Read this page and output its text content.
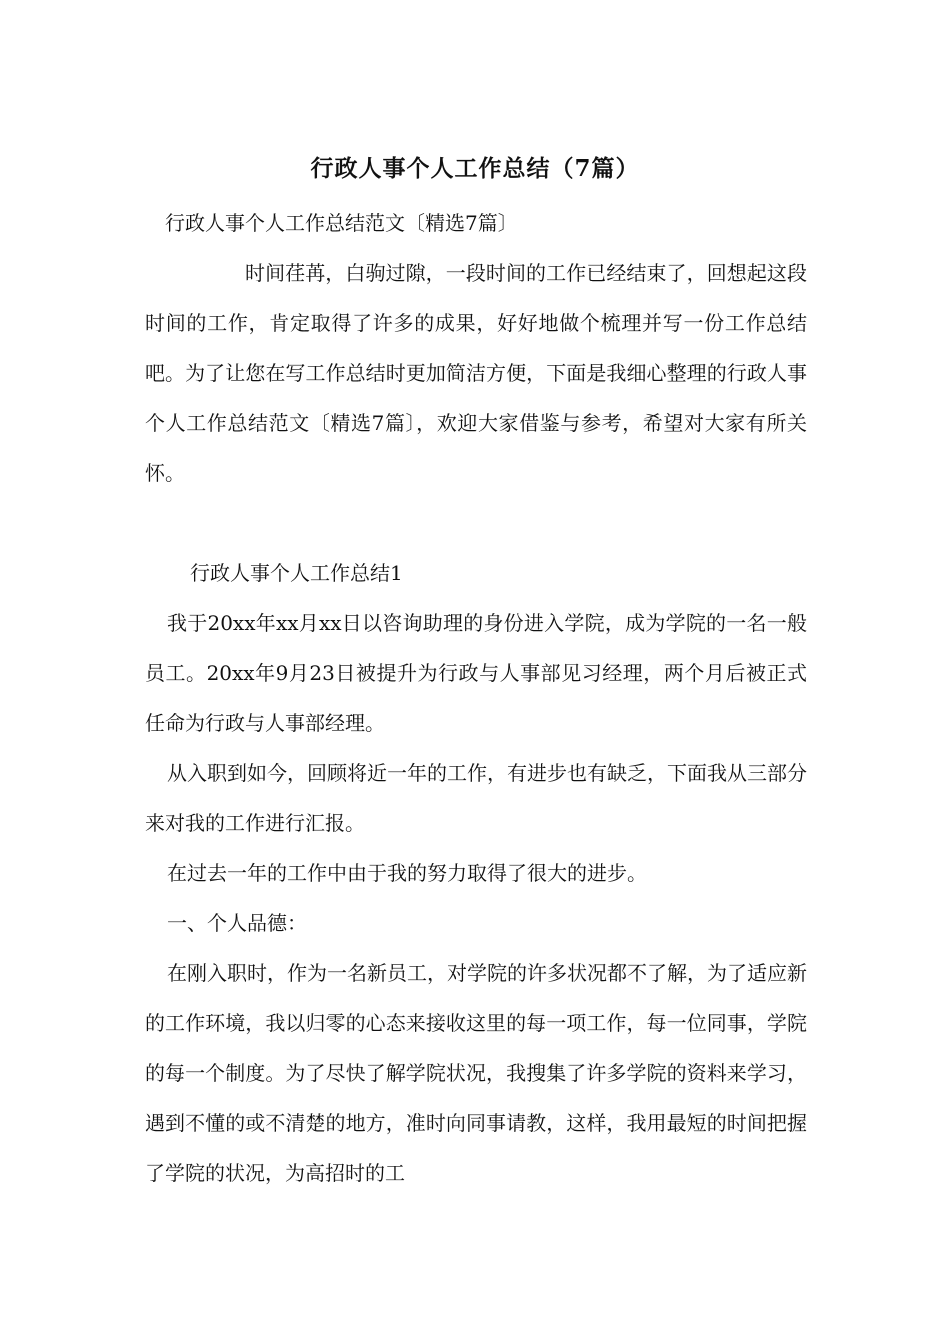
行政人事个人工作总结（7篇）

行政人事个人工作总结范文〔精选7篇〕

时间荏苒，白驹过隙，一段时间的工作已经结束了，回想起这段时间的工作，肯定取得了许多的成果，好好地做个梳理并写一份工作总结吧。为了让您在写工作总结时更加简洁方便，下面是我细心整理的行政人事个人工作总结范文〔精选7篇〕，欢迎大家借鉴与参考，希望对大家有所关怀。

行政人事个人工作总结1

我于20xx年xx月xx日以咨询助理的身份进入学院，成为学院的一名一般员工。20xx年9月23日被提升为行政与人事部见习经理，两个月后被正式任命为行政与人事部经理。

从入职到如今，回顾将近一年的工作，有进步也有缺乏，下面我从三部分来对我的工作进行汇报。

在过去一年的工作中由于我的努力取得了很大的进步。

一、个人品德：

在刚入职时，作为一名新员工，对学院的许多状况都不了解，为了适应新的工作环境，我以归零的心态来接收这里的每一项工作，每一位同事，学院的每一个制度。为了尽快了解学院状况，我搜集了许多学院的资料来学习，遇到不懂的或不清楚的地方，准时向同事请教，这样，我用最短的时间把握了学院的状况，为高招时的工
